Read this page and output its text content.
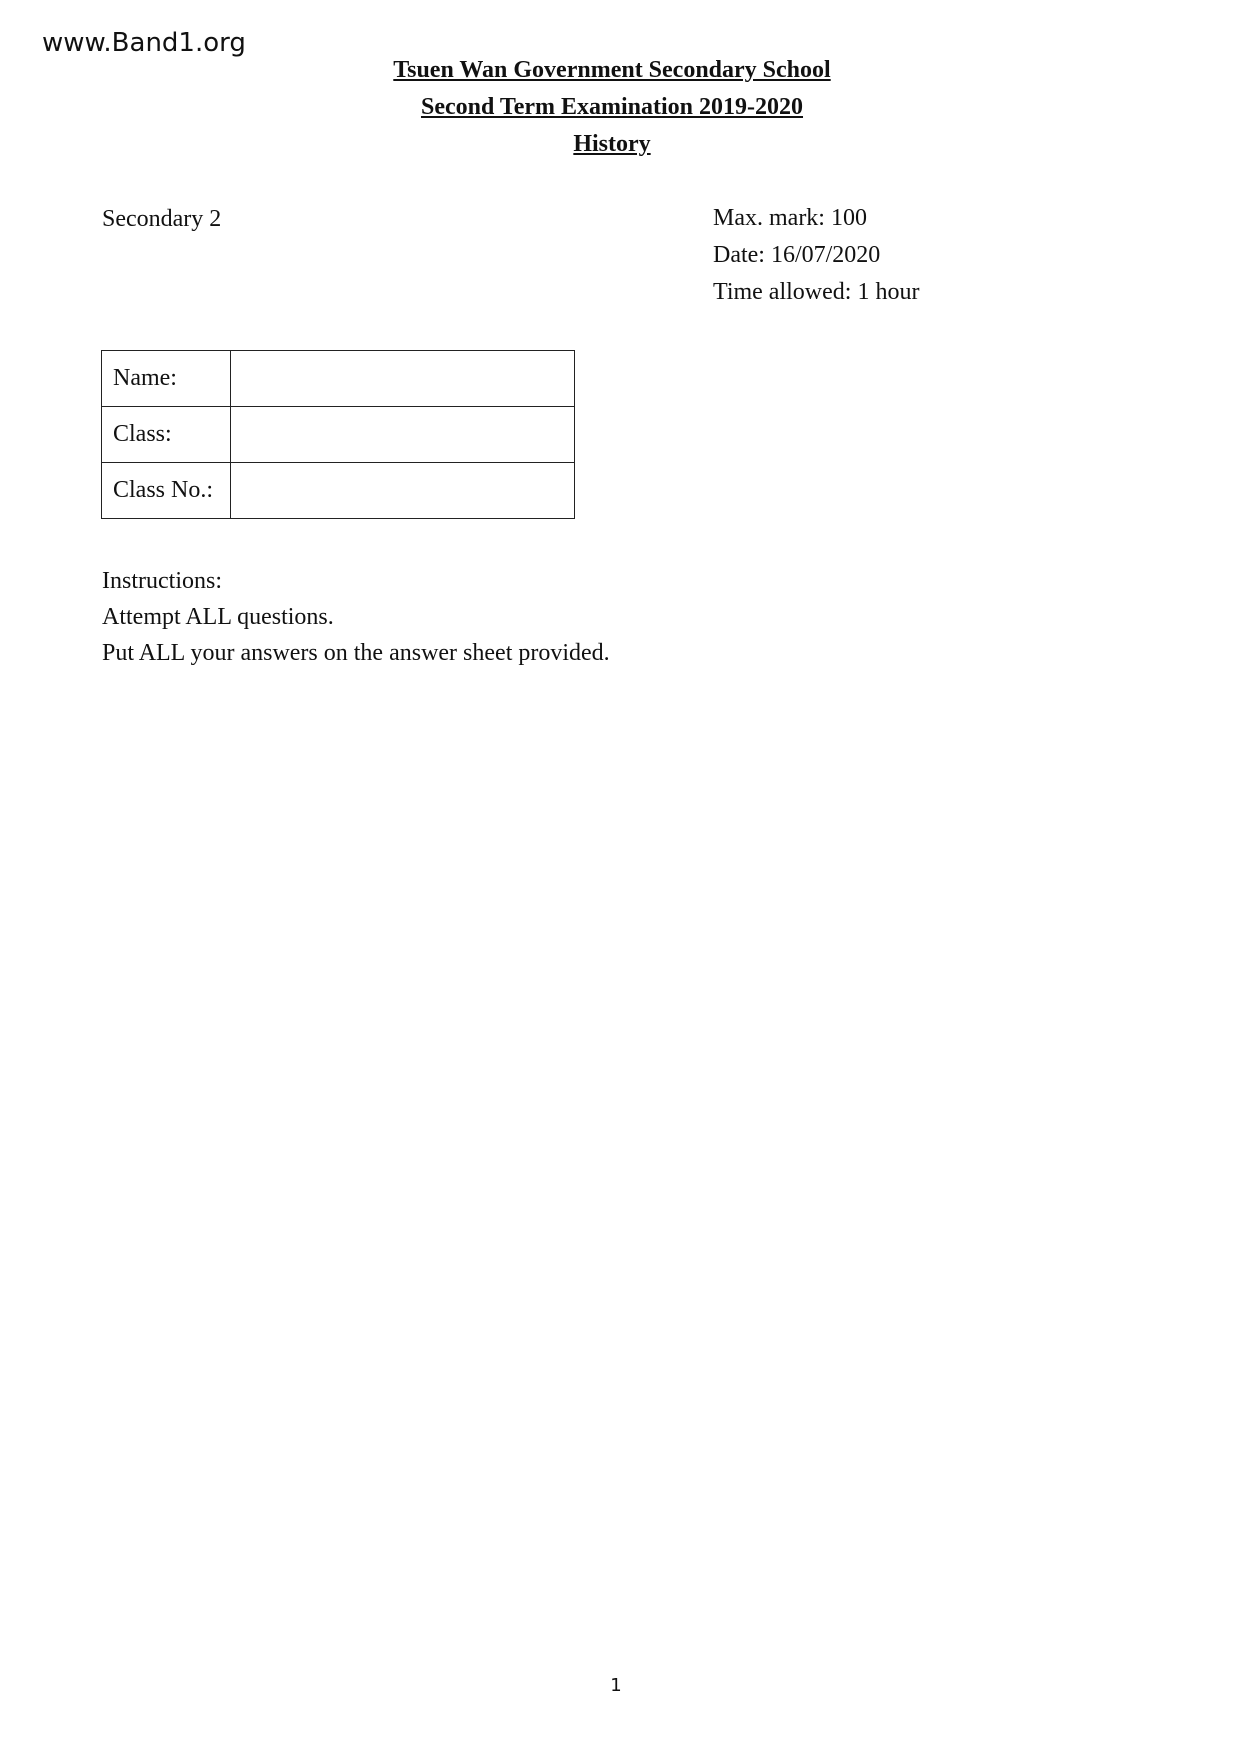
www.Band1.org
Tsuen Wan Government Secondary School
Second Term Examination 2019-2020
History
Secondary 2	Max. mark: 100
Date: 16/07/2020
Time allowed: 1 hour
Name:	
Class:	
Class No.:	
Instructions:
Attempt ALL questions.
Put ALL your answers on the answer sheet provided.
1
